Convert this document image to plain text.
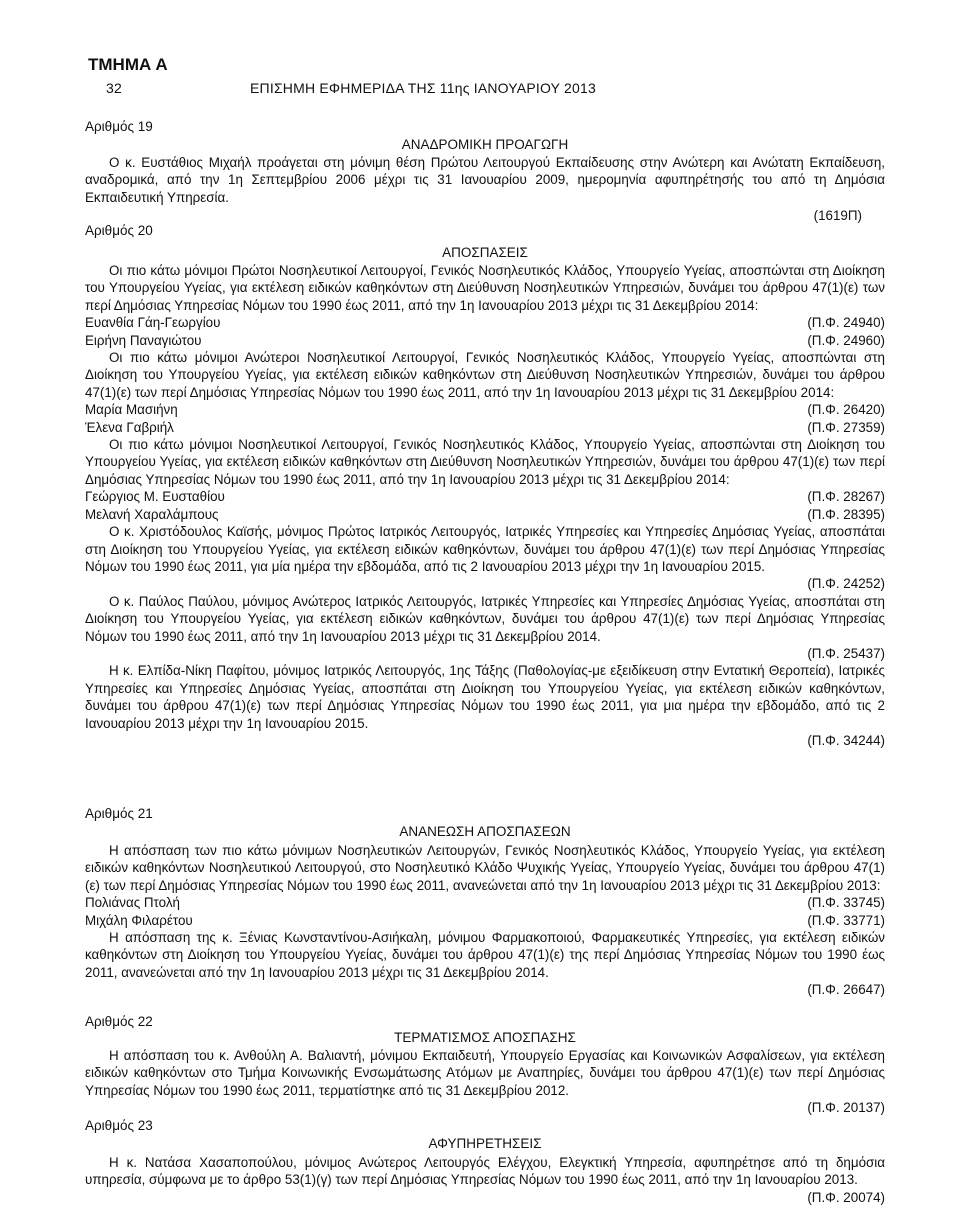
ΤΜΗΜΑ Α
32	ΕΠΙΣΗΜΗ ΕΦΗΜΕΡΙΔΑ ΤΗΣ 11ης ΙΑΝΟΥΑΡΙΟΥ 2013
Αριθμός 19
ΑΝΑΔΡΟΜΙΚΗ ΠΡΟΑΓΩΓΗ

Ο κ. Ευστάθιος Μιχαήλ προάγεται στη μόνιμη θέση Πρώτου Λειτουργού Εκπαίδευσης στην Ανώτερη και Ανώτατη Εκπαίδευση, αναδρομικά, από την 1η Σεπτεμβρίου 2006 μέχρι τις 31 Ιανουαρίου 2009, ημερομηνία αφυπηρέτησής του από τη Δημόσια Εκπαιδευτική Υπηρεσία.

(1619Π)
Αριθμός 20
ΑΠΟΣΠΑΣΕΙΣ

Οι πιο κάτω μόνιμοι Πρώτοι Νοσηλευτικοί Λειτουργοί, Γενικός Νοσηλευτικός Κλάδος, Υπουργείο Υγείας, αποσπώνται στη Διοίκηση του Υπουργείου Υγείας, για εκτέλεση ειδικών καθηκόντων στη Διεύθυνση Νοσηλευτικών Υπηρεσιών, δυνάμει του άρθρου 47(1)(ε) των περί Δημόσιας Υπηρεσίας Νόμων του 1990 έως 2011, από την 1η Ιανουαρίου 2013 μέχρι τις 31 Δεκεμβρίου 2014:

Ευανθία Γάη-Γεωργίου	(Π.Φ. 24940)
Ειρήνη Παναγιώτου	(Π.Φ. 24960)

Οι πιο κάτω μόνιμοι Ανώτεροι Νοσηλευτικοί Λειτουργοί, Γενικός Νοσηλευτικός Κλάδος, Υπουργείο Υγείας, αποσπώνται στη Διοίκηση του Υπουργείου Υγείας, για εκτέλεση ειδικών καθηκόντων στη Διεύθυνση Νοσηλευτικών Υπηρεσιών, δυνάμει του άρθρου 47(1)(ε) των περί Δημόσιας Υπηρεσίας Νόμων του 1990 έως 2011, από την 1η Ιανουαρίου 2013 μέχρι τις 31 Δεκεμβρίου 2014:

Μαρία Μασιήνη	(Π.Φ. 26420)
Έλενα Γαβριήλ	(Π.Φ. 27359)

Οι πιο κάτω μόνιμοι Νοσηλευτικοί Λειτουργοί, Γενικός Νοσηλευτικός Κλάδος, Υπουργείο Υγείας, αποσπώνται στη Διοίκηση του Υπουργείου Υγείας, για εκτέλεση ειδικών καθηκόντων στη Διεύθυνση Νοσηλευτικών Υπηρεσιών, δυνάμει του άρθρου 47(1)(ε) των περί Δημόσιας Υπηρεσίας Νόμων του 1990 έως 2011, από την 1η Ιανουαρίου 2013 μέχρι τις 31 Δεκεμβρίου 2014:

Γεώργιος Μ. Ευσταθίου	(Π.Φ. 28267)
Μελανή Χαραλάμπους	(Π.Φ. 28395)

Ο κ. Χριστόδουλος Καϊσής, μόνιμος Πρώτος Ιατρικός Λειτουργός, Ιατρικές Υπηρεσίες και Υπηρεσίες Δημόσιας Υγείας, αποσπάται στη Διοίκηση του Υπουργείου Υγείας, για εκτέλεση ειδικών καθηκόντων, δυνάμει του άρθρου 47(1)(ε) των περί Δημόσιας Υπηρεσίας Νόμων του 1990 έως 2011, για μία ημέρα την εβδομάδα, από τις 2 Ιανουαρίου 2013 μέχρι την 1η Ιανουαρίου 2015.

(Π.Φ. 24252)

Ο κ. Παύλος Παύλου, μόνιμος Ανώτερος Ιατρικός Λειτουργός, Ιατρικές Υπηρεσίες και Υπηρεσίες Δημόσιας Υγείας, αποσπάται στη Διοίκηση του Υπουργείου Υγείας, για εκτέλεση ειδικών καθηκόντων, δυνάμει του άρθρου 47(1)(ε) των περί Δημόσιας Υπηρεσίας Νόμων του 1990 έως 2011, από την 1η Ιανουαρίου 2013 μέχρι τις 31 Δεκεμβρίου 2014.

(Π.Φ. 25437)

Η κ. Ελπίδα-Νίκη Παφίτου, μόνιμος Ιατρικός Λειτουργός, 1ης Τάξης (Παθολογίας-με εξειδίκευση στην Εντατική Θεροπεία), Ιατρικές Υπηρεσίες και Υπηρεσίες Δημόσιας Υγείας, αποσπάται στη Διοίκηση του Υπουργείου Υγείας, για εκτέλεση ειδικών καθηκόντων, δυνάμει του άρθρου 47(1)(ε) των περί Δημόσιας Υπηρεσίας Νόμων του 1990 έως 2011, για μια ημέρα την εβδομάδο, από τις 2 Ιανουαρίου 2013 μέχρι την 1η Ιανουαρίου 2015.

(Π.Φ. 34244)
Αριθμός 21
ΑΝΑΝΕΩΣΗ ΑΠΟΣΠΑΣΕΩΝ

Η απόσπαση των πιο κάτω μόνιμων Νοσηλευτικών Λειτουργών, Γενικός Νοσηλευτικός Κλάδος, Υπουργείο Υγείας, για εκτέλεση ειδικών καθηκόντων Νοσηλευτικού Λειτουργού, στο Νοσηλευτικό Κλάδο Ψυχικής Υγείας, Υπουργείο Υγείας, δυνάμει του άρθρου 47(1)(ε) των περί Δημόσιας Υπηρεσίας Νόμων του 1990 έως 2011, ανανεώνεται από την 1η Ιανουαρίου 2013 μέχρι τις 31 Δεκεμβρίου 2013:

Πολιάνας Πτολή	(Π.Φ. 33745)
Μιχάλη Φιλαρέτου	(Π.Φ. 33771)

Η απόσπαση της κ. Ξένιας Κωνσταντίνου-Ασιήκαλη, μόνιμου Φαρμακοποιού, Φαρμακευτικές Υπηρεσίες, για εκτέλεση ειδικών καθηκόντων στη Διοίκηση του Υπουργείου Υγείας, δυνάμει του άρθρου 47(1)(ε) της περί Δημόσιας Υπηρεσίας Νόμων του 1990 έως 2011, ανανεώνεται από την 1η Ιανουαρίου 2013 μέχρι τις 31 Δεκεμβρίου 2014.

(Π.Φ. 26647)
Αριθμός 22
ΤΕΡΜΑΤΙΣΜΟΣ ΑΠΟΣΠΑΣΗΣ

Η απόσπαση του κ. Ανθούλη Α. Βαλιαντή, μόνιμου Εκπαιδευτή, Υπουργείο Εργασίας και Κοινωνικών Ασφαλίσεων, για εκτέλεση ειδικών καθηκόντων στο Τμήμα Κοινωνικής Ενσωμάτωσης Ατόμων με Αναπηρίες, δυνάμει του άρθρου 47(1)(ε) των περί Δημόσιας Υπηρεσίας Νόμων του 1990 έως 2011, τερματίστηκε από τις 31 Δεκεμβρίου 2012.

(Π.Φ. 20137)
Αριθμός 23
ΑΦΥΠΗΡΕΤΗΣΕΙΣ

Η κ. Νατάσα Χασαποπούλου, μόνιμος Ανώτερος Λειτουργός Ελέγχου, Ελεγκτική Υπηρεσία, αφυπηρέτησε από τη δημόσια υπηρεσία, σύμφωνα με το άρθρο 53(1)(γ) των περί Δημόσιας Υπηρεσίας Νόμων του 1990 έως 2011, από την 1η Ιανουαρίου 2013.

(Π.Φ. 20074)
